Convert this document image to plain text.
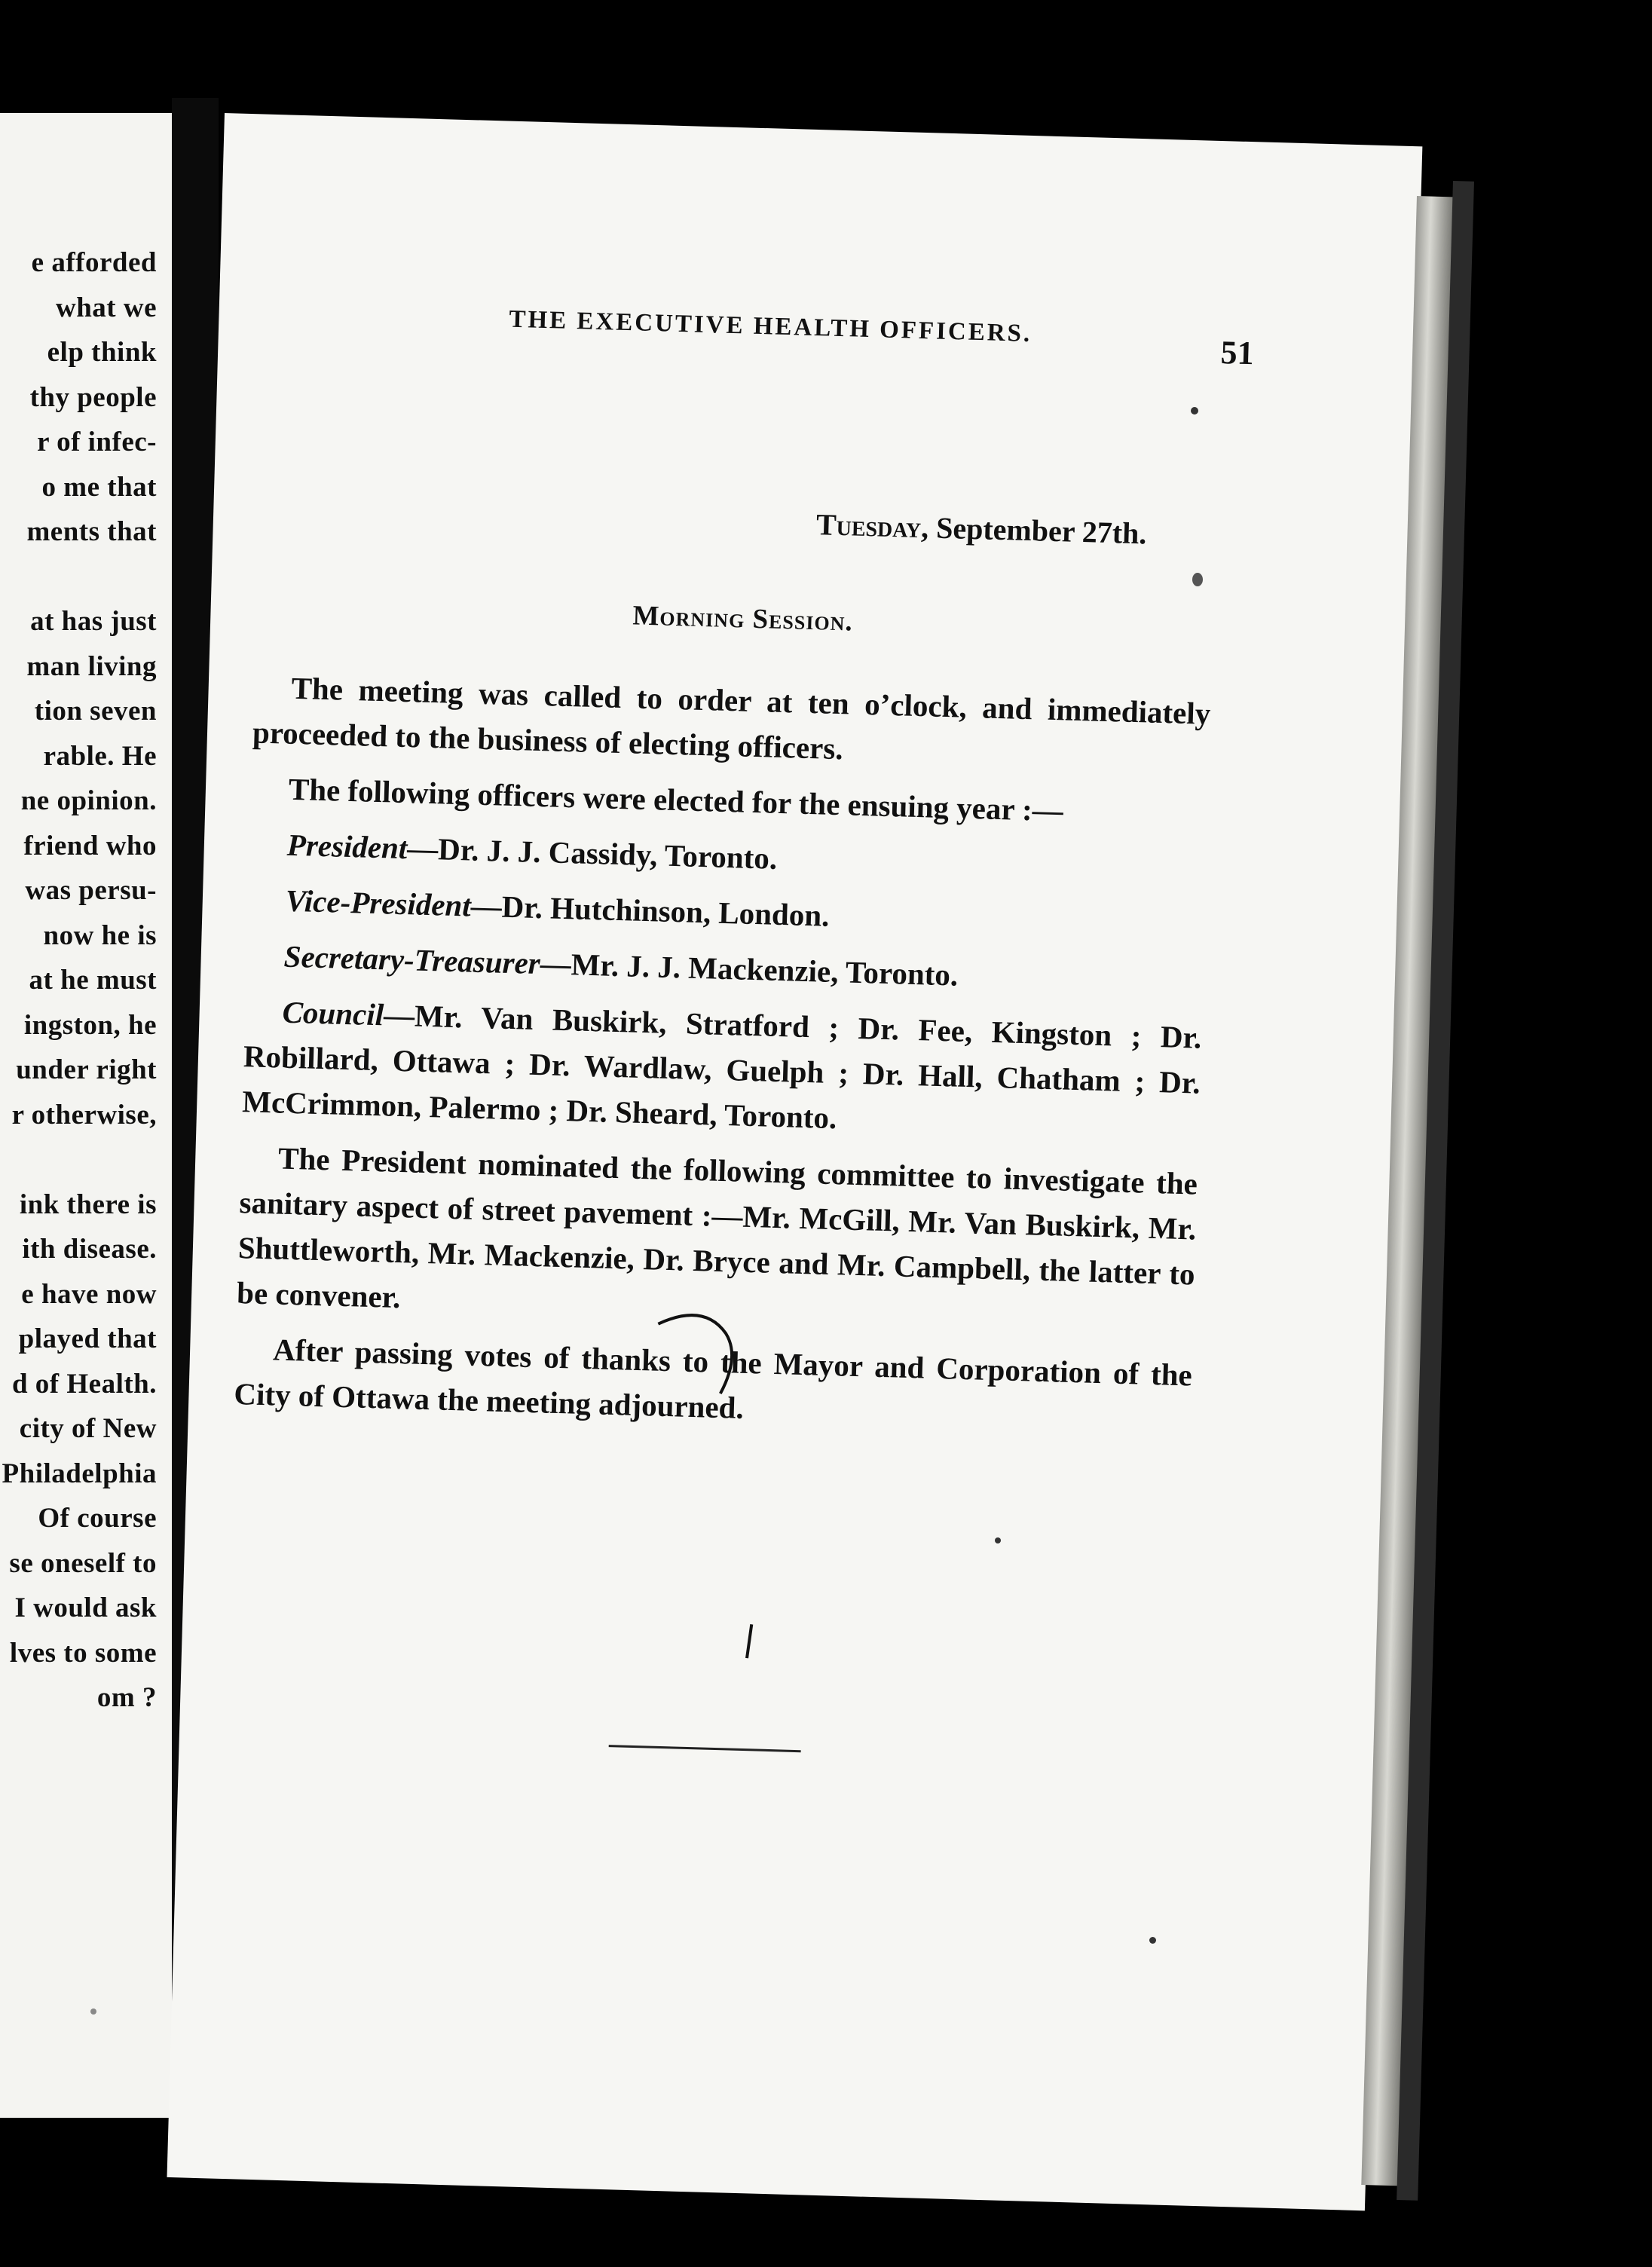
e afforded
what we
elp think
thy people
r of infec-
o me that
ments that
at has just
man living
tion seven
rable. He
ne opinion.
friend who
was persu-
now he is
at he must
ingston, he
under right
r otherwise,
ink there is
ith disease.
e have now
played that
d of Health.
city of New
Philadelphia
Of course
se oneself to
I would ask
lves to some
om ?
THE EXECUTIVE HEALTH OFFICERS.
51
Tuesday, September 27th.
Morning Session.

The meeting was called to order at ten o’clock, and immediately proceeded to the business of electing officers.

The following officers were elected for the ensuing year :—

President—Dr. J. J. Cassidy, Toronto.

Vice-President—Dr. Hutchinson, London.

Secretary-Treasurer—Mr. J. J. Mackenzie, Toronto.

Council—Mr. Van Buskirk, Stratford ; Dr. Fee, Kingston ; Dr. Robillard, Ottawa ; Dr. Wardlaw, Guelph ; Dr. Hall, Chatham ; Dr. McCrimmon, Palermo ; Dr. Sheard, Toronto.

The President nominated the following committee to investigate the sanitary aspect of street pavement :—Mr. McGill, Mr. Van Buskirk, Mr. Shuttleworth, Mr. Mackenzie, Dr. Bryce and Mr. Campbell, the latter to be convener.

After passing votes of thanks to the Mayor and Corporation of the City of Ottawa the meeting adjourned.
